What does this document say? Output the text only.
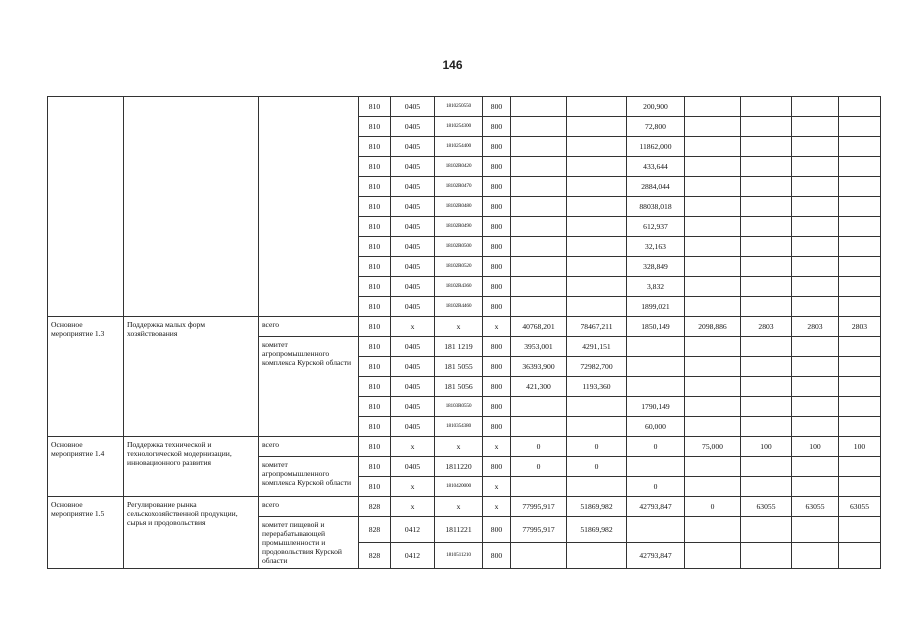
146
			810	0405	1810250550	800			200,900				
			810	0405	1810254300	800			72,800				
			810	0405	1810254400	800			11862,000				
			810	0405	18102R0420	800			433,644				
			810	0405	18102R0470	800			2884,044				
			810	0405	18102R0480	800			88038,018				
			810	0405	18102R0490	800			612,937				
			810	0405	18102R0500	800			32,163				
			810	0405	18102R0520	800			328,849				
			810	0405	18102R4360	800			3,832				
			810	0405	18102R4460	800			1899,021				
Основное мероприятие 1.3	Поддержка малых форм хозяйствования	всего	810	x	x	x	40768,201	78467,211	1850,149	2098,886	2803	2803	2803
		комитет агропромышленного комплекса Курской области	810	0405	181 1219	800	3953,001	4291,151					
			810	0405	181 5055	800	36393,900	72982,700					
			810	0405	181 5056	800	421,300	1193,360					
			810	0405	18103R0550	800			1790,149				
			810	0405	1810354380	800			60,000				
Основное мероприятие 1.4	Поддержка технической и технологической модернизации, инновационного развития	всего	810	x	x	x	0	0	0	75,000	100	100	100
		комитет агропромышленного комплекса Курской области	810	0405	1811220	800	0	0					
			810	x	1810420000	x			0				
Основное мероприятие 1.5	Регулирование рынка сельскохозяйственной продукции, сырья и продовольствия	всего	828	x	x	x	77995,917	51869,982	42793,847	0	63055	63055	63055
		комитет пищевой и перерабатывающей промышленности и продовольствия Курской области	828	0412	1811221	800	77995,917	51869,982					
			828	0412	1810511210	800			42793,847				
